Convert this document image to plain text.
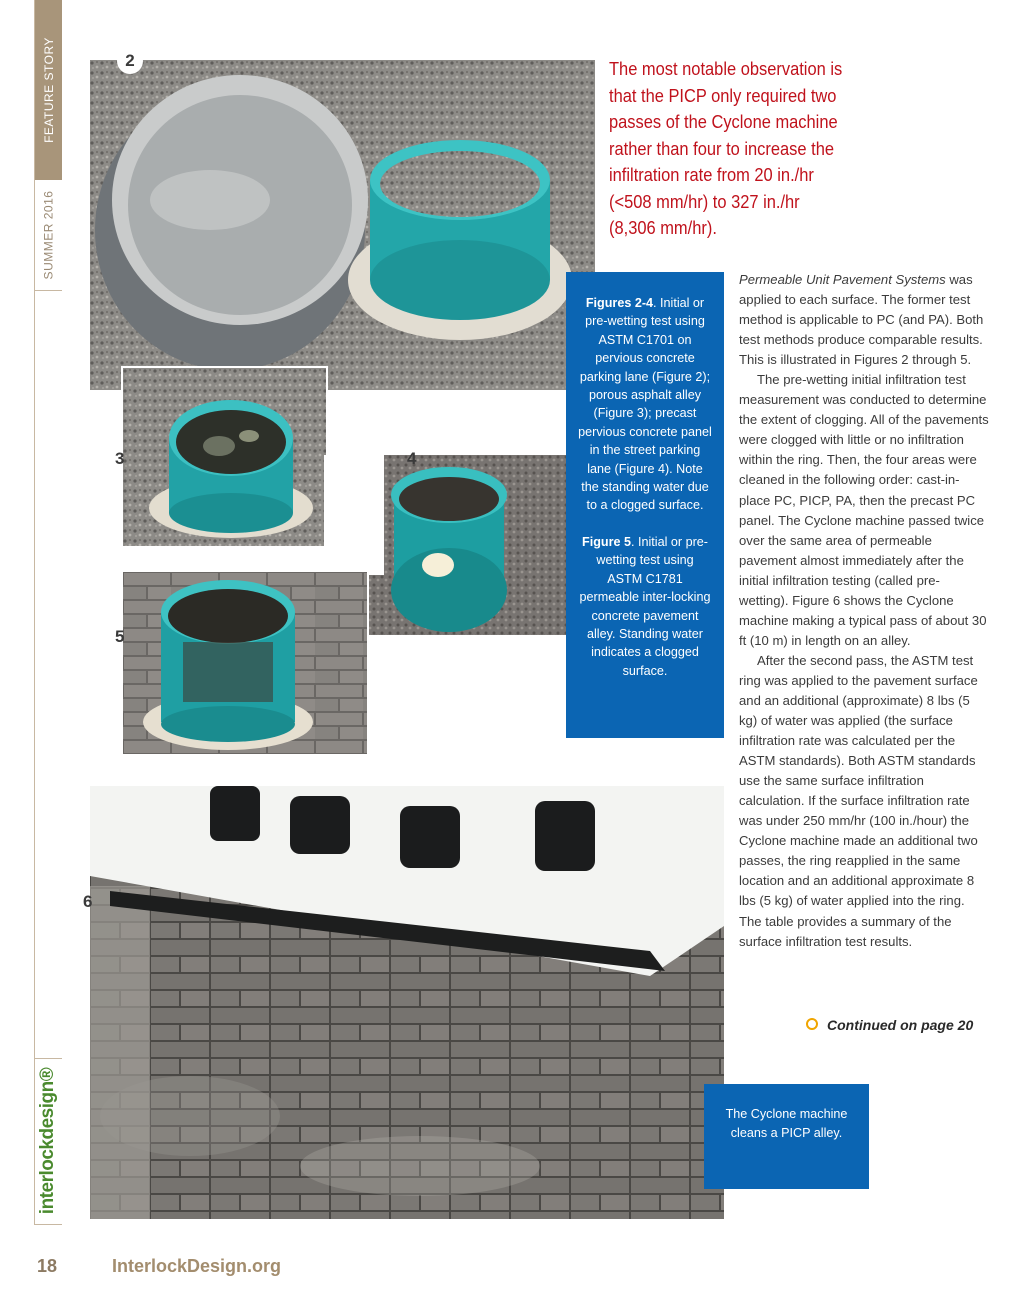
FEATURE STORY
SUMMER 2016
interlockdesign®
2
3	4
5
6
The most notable observation is that the PICP only required two passes of the Cyclone machine rather than four to increase the infiltration rate from 20 in./hr (<508 mm/hr) to 327 in./hr (8,306 mm/hr).

Figures 2-4. Initial or pre-wetting test using ASTM C1701 on pervious concrete parking lane (Figure 2); porous asphalt alley (Figure 3); precast pervious concrete panel in the street parking lane (Figure 4). Note the standing water due to a clogged surface.

Figure 5. Initial or pre-wetting test using ASTM C1781 permeable inter-locking concrete pavement alley. Standing water indicates a clogged surface.

Permeable Unit Pavement Systems was applied to each surface. The former test method is applicable to PC (and PA). Both test methods produce comparable results. This is illustrated in Figures 2 through 5.

The pre-wetting initial infiltration test measurement was conducted to determine the extent of clogging. All of the pavements were clogged with little or no infiltration within the ring. Then, the four areas were cleaned in the following order: cast-in-place PC, PICP, PA, then the precast PC panel. The Cyclone machine passed twice over the same area of permeable pavement almost immediately after the initial infiltration testing (called pre-wetting). Figure 6 shows the Cyclone machine making a typical pass of about 30 ft (10 m) in length on an alley.

After the second pass, the ASTM test ring was applied to the pavement surface and an additional (approximate) 8 lbs (5 kg) of water was applied (the surface infiltration rate was calculated per the ASTM standards). Both ASTM standards use the same surface infiltration calculation. If the surface infiltration rate was under 250 mm/hr (100 in./hour) the Cyclone machine made an additional two passes, the ring reapplied in the same location and an additional approximate 8 lbs (5 kg) of water applied into the ring. The table provides a summary of the surface infiltration test results.

Continued on page 20
The Cyclone machine cleans a PICP alley.
18	InterlockDesign.org
